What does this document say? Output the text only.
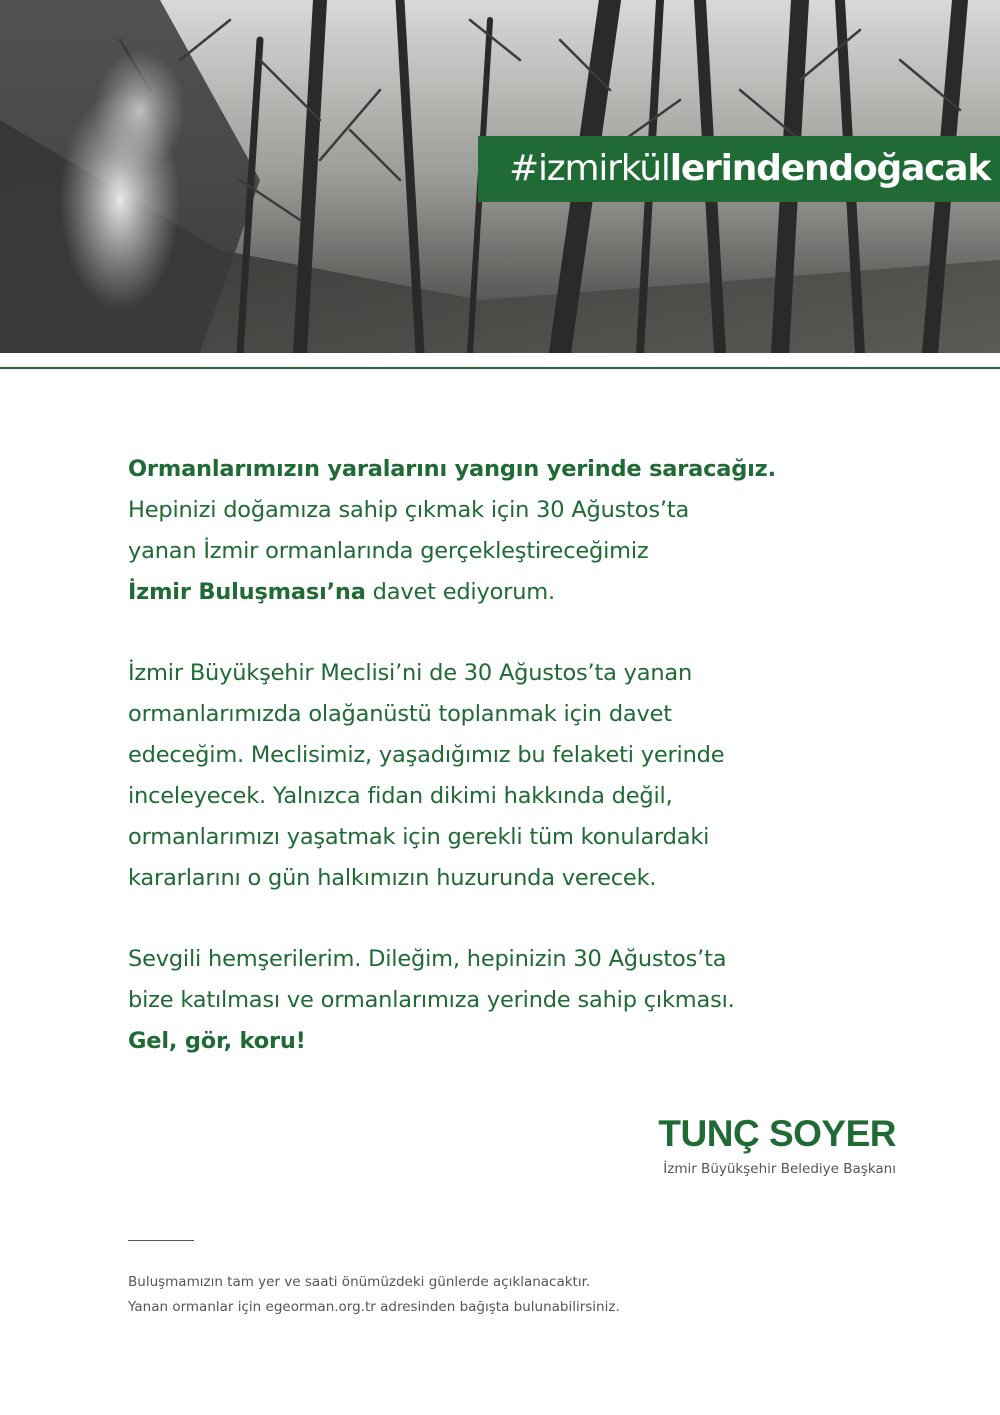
#izmirküllerindendoğacak

Ormanlarımızın yaralarını yangın yerinde saracağız.
Hepinizi doğamıza sahip çıkmak için 30 Ağustos’ta
yanan İzmir ormanlarında gerçekleştireceğimiz
İzmir Buluşması’na davet ediyorum.

İzmir Büyükşehir Meclisi’ni de 30 Ağustos’ta yanan
ormanlarımızda olağanüstü toplanmak için davet
edeceğim. Meclisimiz, yaşadığımız bu felaketi yerinde
inceleyecek. Yalnızca fidan dikimi hakkında değil,
ormanlarımızı yaşatmak için gerekli tüm konulardaki
kararlarını o gün halkımızın huzurunda verecek.

Sevgili hemşerilerim. Dileğim, hepinizin 30 Ağustos’ta
bize katılması ve ormanlarımıza yerinde sahip çıkması.
Gel, gör, koru!

TUNÇ SOYER
İzmir Büyükşehir Belediye Başkanı
Buluşmamızın tam yer ve saati önümüzdeki günlerde açıklanacaktır.
Yanan ormanlar için egeorman.org.tr adresinden bağışta bulunabilirsiniz.
